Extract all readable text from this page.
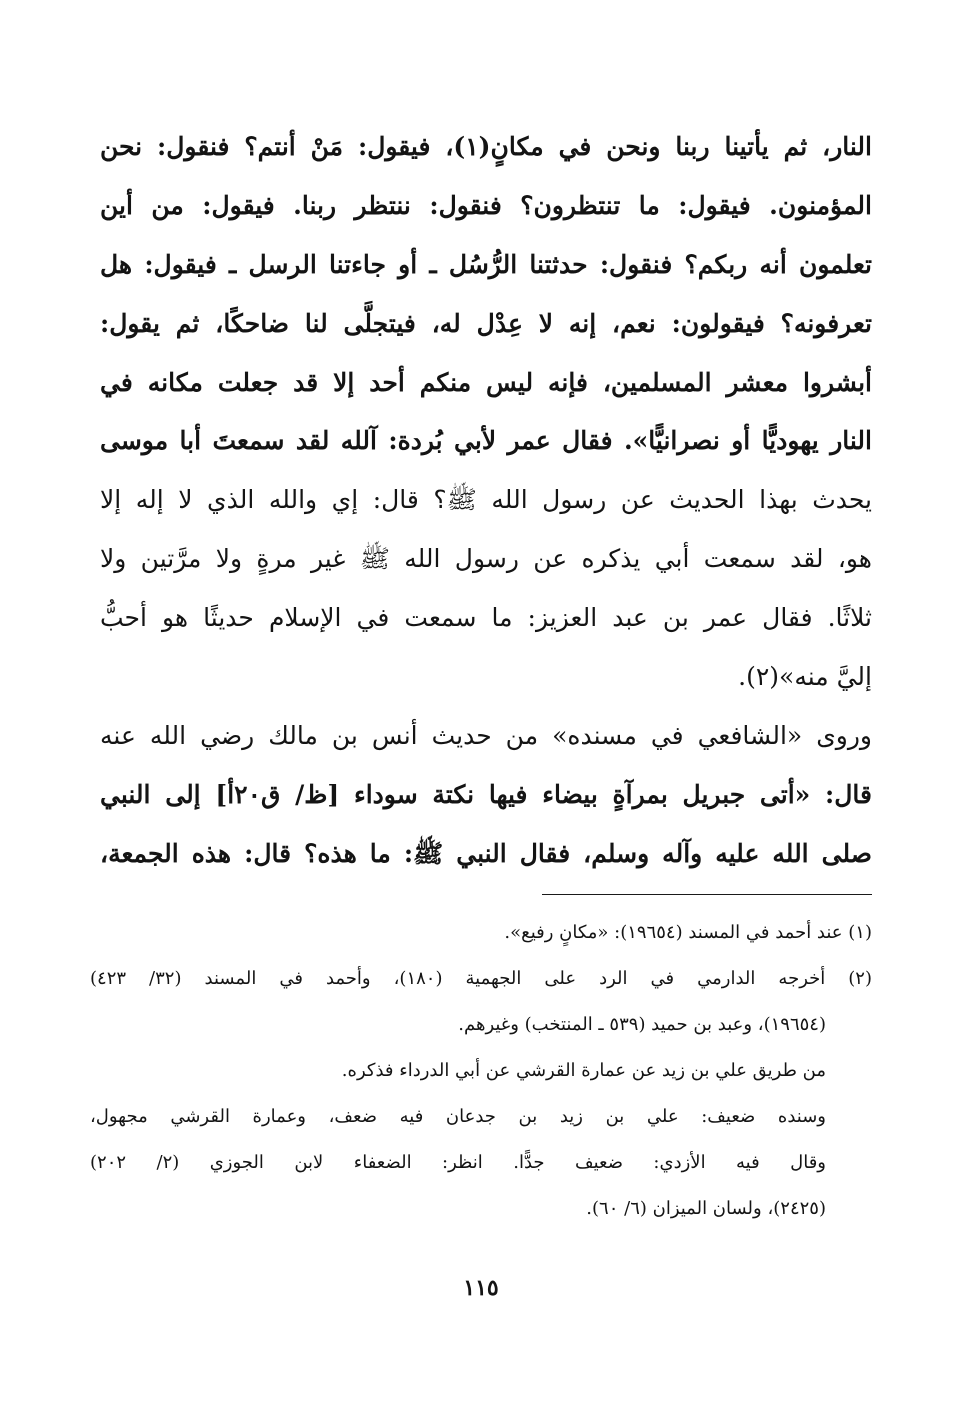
النار، ثم يأتينا ربنا ونحن في مكانٍ(١)، فيقول: مَنْ أنتم؟ فنقول: نحن
المؤمنون. فيقول: ما تنتظرون؟ فنقول: ننتظر ربنا. فيقول: من أين
تعلمون أنه ربكم؟ فنقول: حدثتنا الرُّسُل ـ أو جاءتنا الرسل ـ فيقول: هل
تعرفونه؟ فيقولون: نعم، إنه لا عِدْل له، فيتجلَّى لنا ضاحكًا، ثم يقول:
أبشروا معشر المسلمين، فإنه ليس منكم أحد إلا قد جعلت مكانه في
النار يهوديًّا أو نصرانيًّا». فقال عمر لأبي بُردة: آلله لقد سمعتَ أبا موسى
يحدث بهذا الحديث عن رسول الله ﷺ؟ قال: إي والله الذي لا إله إلا
هو، لقد سمعت أبي يذكره عن رسول الله ﷺ غير مرةٍ ولا مرَّتين ولا
ثلاثًا. فقال عمر بن عبد العزيز: ما سمعت في الإسلام حديثًا هو أحبُّ
إليَّ منه»(٢).
وروى «الشافعي في مسنده» من حديث أنس بن مالك رضي الله عنه
قال: «أتى جبريل بمرآةٍ بيضاء فيها نكتة سوداء [ظ/ ق٢٠أ] إلى النبي
صلى الله عليه وآله وسلم، فقال النبي ﷺ: ما هذه؟ قال: هذه الجمعة،
(١) عند أحمد في المسند (١٩٦٥٤): «مكانٍ رفيع».
(٢) أخرجه الدارمي في الرد على الجهمية (١٨٠)، وأحمد في المسند (٣٢/ ٤٢٣)
(١٩٦٥٤)، وعبد بن حميد (٥٣٩ ـ المنتخب) وغيرهم.
من طريق علي بن زيد عن عمارة القرشي عن أبي الدرداء فذكره.
وسنده ضعيف: علي بن زيد بن جدعان فيه ضعف، وعمارة القرشي مجهول،
وقال فيه الأزدي: ضعيف جدًّا. انظر: الضعفاء لابن الجوزي (٢/ ٢٠٢)
(٢٤٢٥)، ولسان الميزان (٦/ ٦٠).
١١٥
